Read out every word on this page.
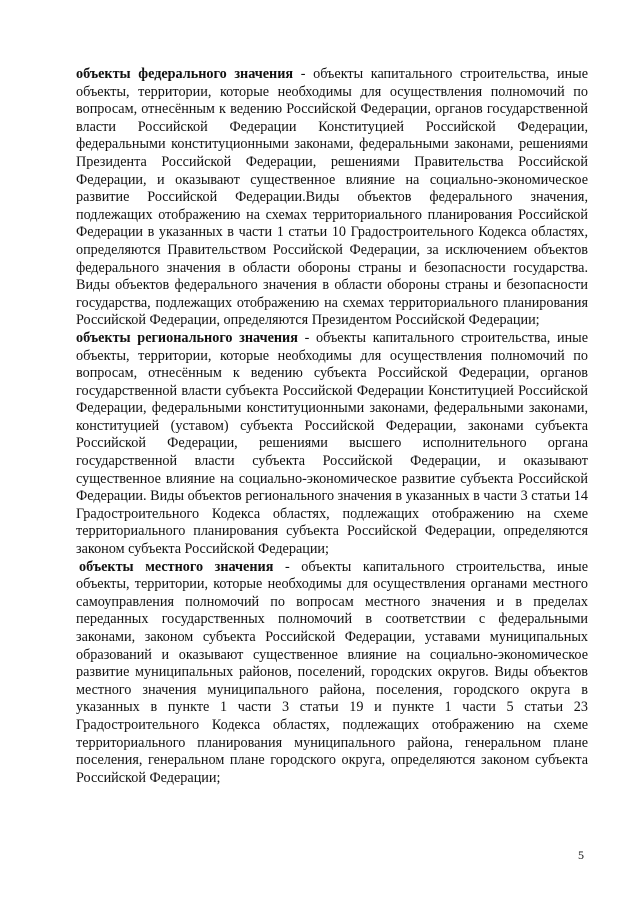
объекты федерального значения - объекты капитального строительства, иные объекты, территории, которые необходимы для осуществления полномочий по вопросам, отнесённым к ведению Российской Федерации, органов государственной власти Российской Федерации Конституцией Российской Федерации, федеральными конституционными законами, федеральными законами, решениями Президента Российской Федерации, решениями Правительства Российской Федерации, и оказывают существенное влияние на социально-экономическое развитие Российской Федерации.Виды объектов федерального значения, подлежащих отображению на схемах территориального планирования Российской Федерации в указанных в части 1 статьи 10 Градостроительного Кодекса областях, определяются Правительством Российской Федерации, за исключением объектов федерального значения в области обороны страны и безопасности государства. Виды объектов федерального значения в области обороны страны и безопасности государства, подлежащих отображению на схемах территориального планирования Российской Федерации, определяются Президентом Российской Федерации;

объекты регионального значения - объекты капитального строительства, иные объекты, территории, которые необходимы для осуществления полномочий по вопросам, отнесённым к ведению субъекта Российской Федерации, органов государственной власти субъекта Российской Федерации Конституцией Российской Федерации, федеральными конституционными законами, федеральными законами, конституцией (уставом) субъекта Российской Федерации, законами субъекта Российской Федерации, решениями высшего исполнительного органа государственной власти субъекта Российской Федерации, и оказывают существенное влияние на социально-экономическое развитие субъекта Российской Федерации. Виды объектов регионального значения в указанных в части 3 статьи 14 Градостроительного Кодекса областях, подлежащих отображению на схеме территориального планирования субъекта Российской Федерации, определяются законом субъекта Российской Федерации;

объекты местного значения - объекты капитального строительства, иные объекты, территории, которые необходимы для осуществления органами местного самоуправления полномочий по вопросам местного значения и в пределах переданных государственных полномочий в соответствии с федеральными законами, законом субъекта Российской Федерации, уставами муниципальных образований и оказывают существенное влияние на социально-экономическое развитие муниципальных районов, поселений, городских округов. Виды объектов местного значения муниципального района, поселения, городского округа в указанных в пункте 1 части 3 статьи 19 и пункте 1 части 5 статьи 23 Градостроительного Кодекса областях, подлежащих отображению на схеме территориального планирования муниципального района, генеральном плане поселения, генеральном плане городского округа, определяются законом субъекта Российской Федерации;

5
